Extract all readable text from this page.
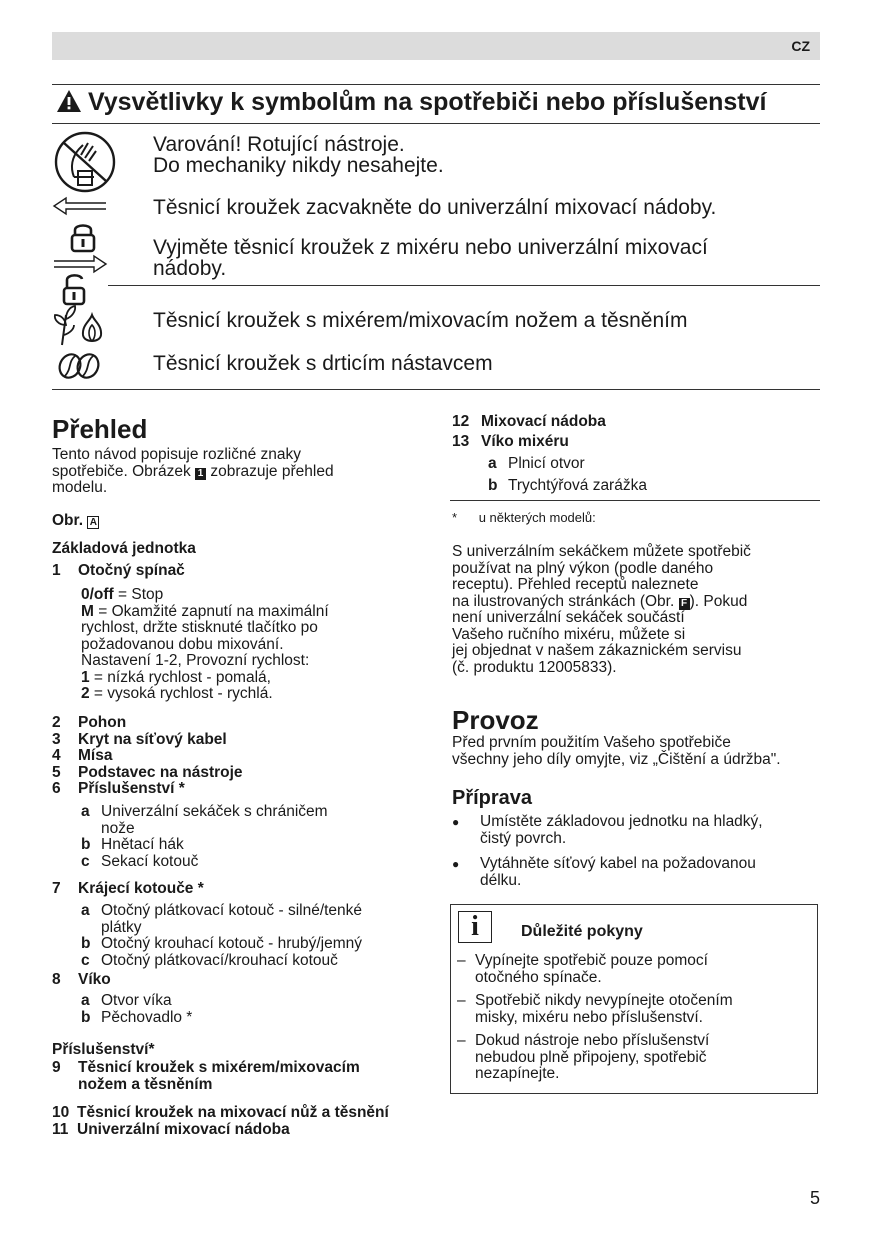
CZ
Vysvětlivky k symbolům na spotřebiči nebo příslušenství
Varování! Rotující nástroje.
Do mechaniky nikdy nesahejte.
Těsnicí kroužek zacvakněte do univerzální mixovací nádoby.
Vyjměte těsnicí kroužek z mixéru nebo univerzální mixovací
nádoby.
Těsnicí kroužek s mixérem/mixovacím nožem a těsněním
Těsnicí kroužek s drticím nástavcem
Přehled
Tento návod popisuje rozličné znaky
spotřebiče. Obrázek 1 zobrazuje přehled
modelu.
Obr. A
Základová jednotka
1 Otočný spínač
0/off = Stop
M = Okamžité zapnutí na maximální
rychlost, držte stisknuté tlačítko po
požadovanou dobu mixování.
Nastavení 1-2, Provozní rychlost:
1 = nízká rychlost - pomalá,
2 = vysoká rychlost - rychlá.
2 Pohon
3 Kryt na síťový kabel
4 Mísa
5 Podstavec na nástroje
6 Příslušenství *
a Univerzální sekáček s chráničem
nože
b Hnětací hák
c Sekací kotouč
7 Krájecí kotouče *
a Otočný plátkovací kotouč - silné/tenké
plátky
b Otočný krouhací kotouč - hrubý/jemný
c Otočný plátkovací/krouhací kotouč
8 Víko
a Otvor víka
b Pěchovadlo *
Příslušenství*
9 Těsnicí kroužek s mixérem/mixovacím
nožem a těsněním
10 Těsnicí kroužek na mixovací nůž a těsnění
11 Univerzální mixovací nádoba
12 Mixovací nádoba
13 Víko mixéru
a Plnicí otvor
b Trychtýřová zarážka
* u některých modelů:
S univerzálním sekáčkem můžete spotřebič
používat na plný výkon (podle daného
receptu). Přehled receptů naleznete
na ilustrovaných stránkách (Obr. F ). Pokud
není univerzální sekáček součástí
Vašeho ručního mixéru, můžete si
jej objednat v našem zákaznickém servisu
(č. produktu 12005833).
Provoz
Před prvním použitím Vašeho spotřebiče
všechny jeho díly omyjte, viz „Čištění a údržba".
Příprava
● Umístěte základovou jednotku na hladký,
čistý povrch.
● Vytáhněte síťový kabel na požadovanou
délku.
i	Důležité pokyny
– Vypínejte spotřebič pouze pomocí
otočného spínače.
– Spotřebič nikdy nevypínejte otočením
misky, mixéru nebo příslušenství.
– Dokud nástroje nebo příslušenství
nebudou plně připojeny, spotřebič
nezapínejte.
5
